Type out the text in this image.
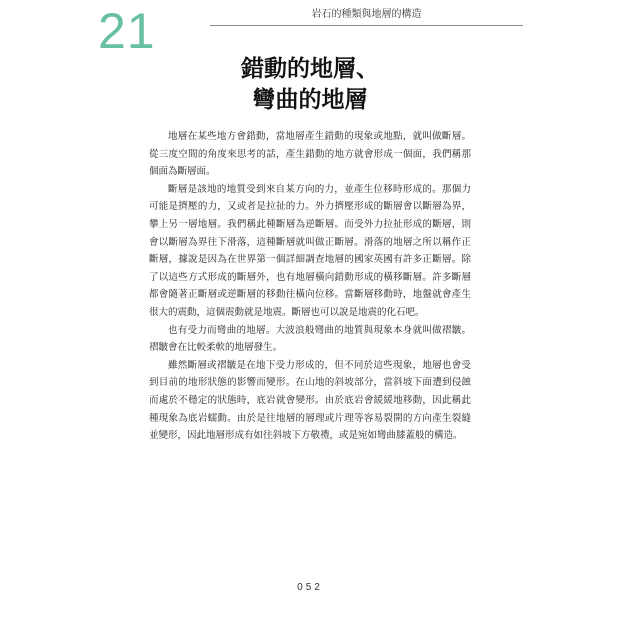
21	岩石的種類與地層的構造
錯動的地層、
彎曲的地層

地層在某些地方會錯動，當地層產生錯動的現象或地點，就叫做斷層。從三度空間的角度來思考的話，產生錯動的地方就會形成一個面，我們稱那個面為斷層面。

斷層是該地的地質受到來自某方向的力，並產生位移時形成的。那個力可能是擠壓的力，又或者是拉扯的力。外力擠壓形成的斷層會以斷層為界，攀上另一層地層。我們稱此種斷層為逆斷層。而受外力拉扯形成的斷層，則會以斷層為界往下滑落，這種斷層就叫做正斷層。滑落的地層之所以稱作正斷層，據說是因為在世界第一個詳細調查地層的國家英國有許多正斷層。除了以這些方式形成的斷層外，也有地層橫向錯動形成的橫移斷層。許多斷層都會隨著正斷層或逆斷層的移動往橫向位移。當斷層移動時，地盤就會產生很大的震動，這個震動就是地震。斷層也可以說是地震的化石吧。

也有受力而彎曲的地層。大波浪般彎曲的地質與現象本身就叫做褶皺。褶皺會在比較柔軟的地層發生。

雖然斷層或褶皺是在地下受力形成的，但不同於這些現象，地層也會受到目前的地形狀態的影響而變形。在山地的斜坡部分，當斜坡下面遭到侵蝕而處於不穩定的狀態時，底岩就會變形。由於底岩會緩緩地移動，因此稱此種現象為底岩蠕動。由於是往地層的層理或片理等容易裂開的方向產生裂縫並變形，因此地層形成有如往斜坡下方敬禮，或是宛如彎曲膝蓋般的構造。

052
